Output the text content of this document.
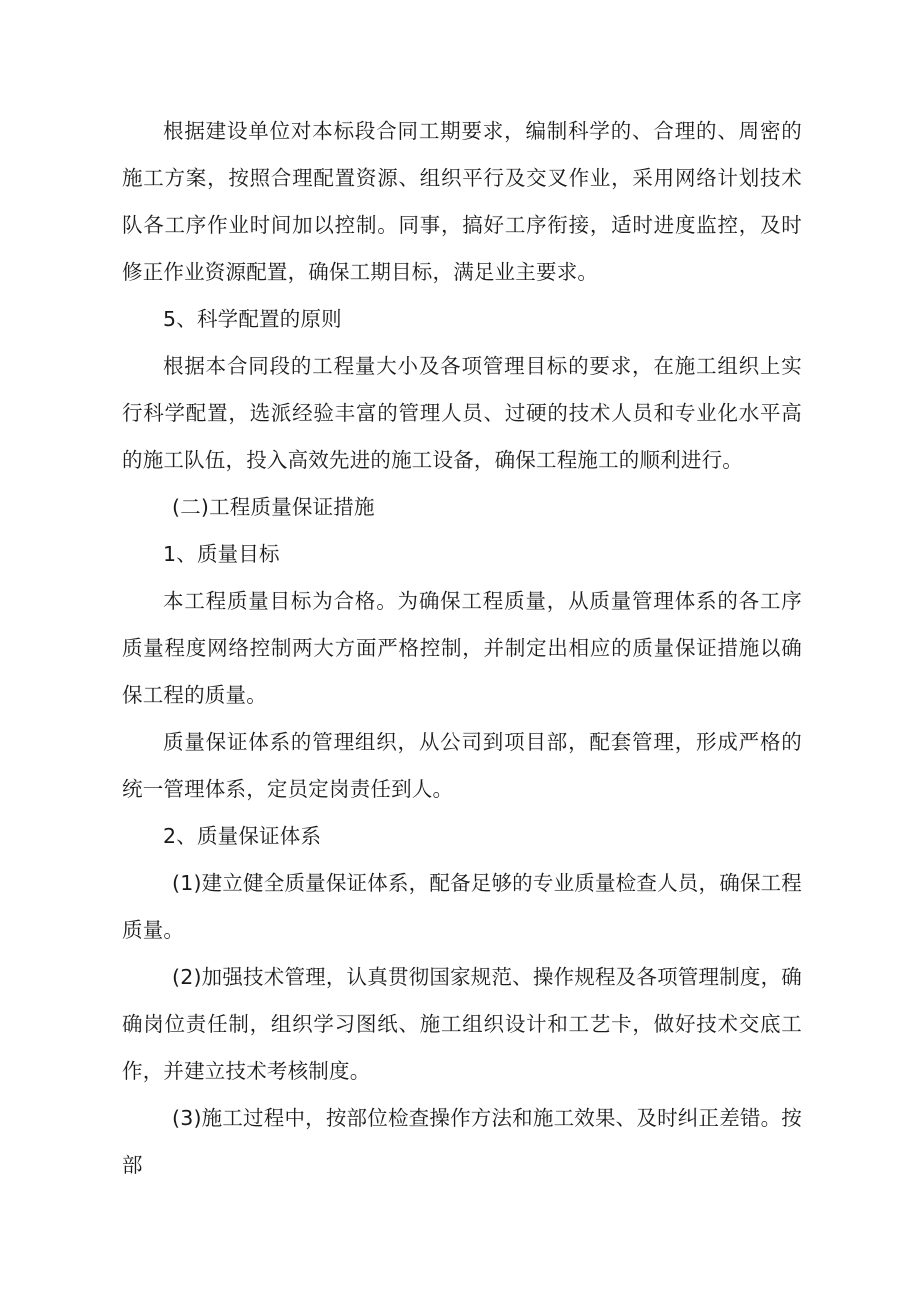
根据建设单位对本标段合同工期要求，编制科学的、合理的、周密的施工方案，按照合理配置资源、组织平行及交叉作业，采用网络计划技术队各工序作业时间加以控制。同事，搞好工序衔接，适时进度监控，及时修正作业资源配置，确保工期目标，满足业主要求。

5、科学配置的原则

根据本合同段的工程量大小及各项管理目标的要求，在施工组织上实行科学配置，选派经验丰富的管理人员、过硬的技术人员和专业化水平高的施工队伍，投入高效先进的施工设备，确保工程施工的顺利进行。

(二)工程质量保证措施

1、质量目标

本工程质量目标为合格。为确保工程质量，从质量管理体系的各工序质量程度网络控制两大方面严格控制，并制定出相应的质量保证措施以确保工程的质量。

质量保证体系的管理组织，从公司到项目部，配套管理，形成严格的统一管理体系，定员定岗责任到人。

2、质量保证体系

(1)建立健全质量保证体系，配备足够的专业质量检查人员，确保工程质量。

(2)加强技术管理，认真贯彻国家规范、操作规程及各项管理制度，确确岗位责任制，组织学习图纸、施工组织设计和工艺卡，做好技术交底工作，并建立技术考核制度。

(3)施工过程中，按部位检查操作方法和施工效果、及时纠正差错。按部
